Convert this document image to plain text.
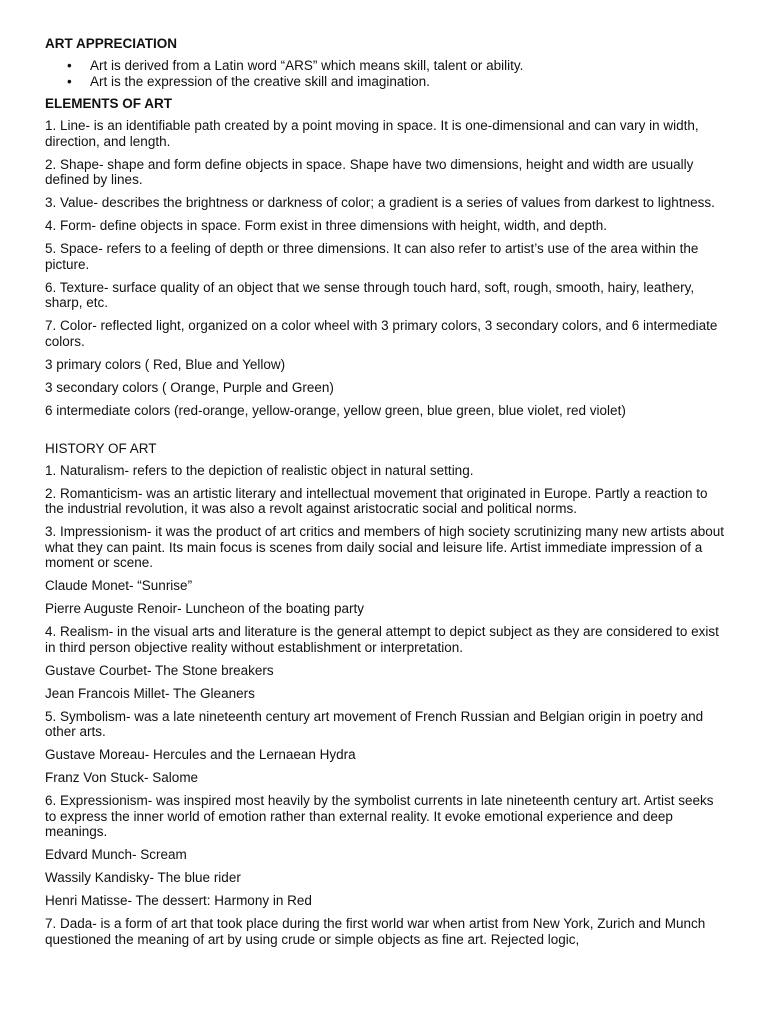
ART APPRECIATION
• Art is derived from a Latin word “ARS” which means skill, talent or ability.
• Art is the expression of the creative skill and imagination.
ELEMENTS OF ART

1. Line- is an identifiable path created by a point moving in space. It is one-dimensional and can vary in width, direction, and length.

2. Shape- shape and form define objects in space. Shape have two dimensions, height and width are usually defined by lines.

3. Value- describes the brightness or darkness of color; a gradient is a series of values from darkest to lightness.

4. Form- define objects in space. Form exist in three dimensions with height, width, and depth.

5. Space- refers to a feeling of depth or three dimensions. It can also refer to artist’s use of the area within the picture.

6. Texture- surface quality of an object that we sense through touch hard, soft, rough, smooth, hairy, leathery, sharp, etc.

7. Color- reflected light, organized on a color wheel with 3 primary colors, 3 secondary colors, and 6 intermediate colors.

3 primary colors ( Red, Blue and Yellow)

3 secondary colors ( Orange, Purple and Green)

6 intermediate colors (red-orange, yellow-orange, yellow green, blue green, blue violet, red violet)

HISTORY OF ART

1. Naturalism- refers to the depiction of realistic object in natural setting.

2. Romanticism- was an artistic literary and intellectual movement that originated in Europe. Partly a reaction to the industrial revolution, it was also a revolt against aristocratic social and political norms.

3. Impressionism- it was the product of art critics and members of high society scrutinizing many new artists about what they can paint. Its main focus is scenes from daily social and leisure life. Artist immediate impression of a moment or scene.

Claude Monet- “Sunrise”

Pierre Auguste Renoir- Luncheon of the boating party

4. Realism- in the visual arts and literature is the general attempt to depict subject as they are considered to exist in third person objective reality without establishment or interpretation.

Gustave Courbet- The Stone breakers

Jean Francois Millet- The Gleaners

5. Symbolism- was a late nineteenth century art movement of French Russian and Belgian origin in poetry and other arts.

Gustave Moreau- Hercules and the Lernaean Hydra

Franz Von Stuck- Salome

6. Expressionism- was inspired most heavily by the symbolist currents in late nineteenth century art. Artist seeks to express the inner world of emotion rather than external reality. It evoke emotional experience and deep meanings.

Edvard Munch- Scream

Wassily Kandisky- The blue rider

Henri Matisse- The dessert: Harmony in Red

7. Dada- is a form of art that took place during the first world war when artist from New York, Zurich and Munch questioned the meaning of art by using crude or simple objects as fine art. Rejected logic,
